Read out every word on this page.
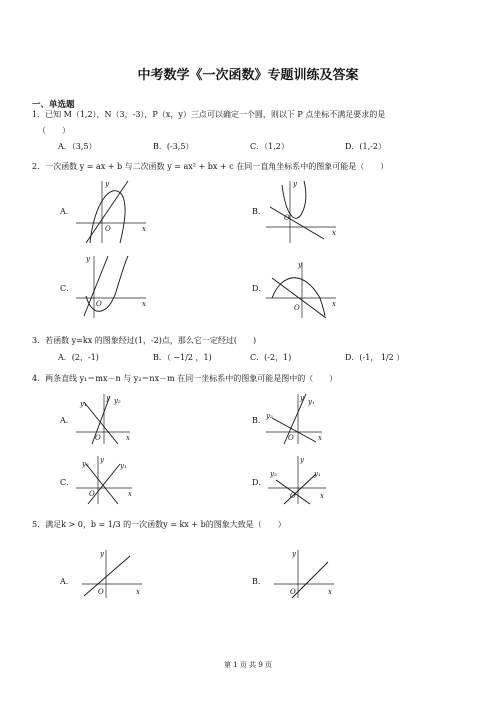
中考数学《一次函数》专题训练及答案
一、单选题
1．已知 M（1,2），N（3，-3），P（x，y）三点可以确定一个圆，则以下 P 点坐标不满足要求的是
（　　）
A．（3,5）	B．(-3,5）	C．（1,2）	D．(1,-2）
2．一次函数 y = ax + b 与二次函数 y = ax² + bx + c 在同一直角坐标系中的图象可能是（　　）
A．
y
x
O
B．
y
x
O
C．
y
x
O
D．
y
x
O
3．若函数 y=kx 的图象经过(1，-2)点，那么它一定经过(　　)
A．(2，-1)	B．（ −1/2 ，1)	C．(-2，1)	D．(-1， 1/2 ）
4．两条直线 y₁＝mx－n 与 y₂＝nx－m 在同一坐标系中的图象可能是图中的（　　）
A．
y
y₁	y₂
x
O
B．
y y₁
y₂
x
O
C．
y
y₂	y₁
x
O
D．
y
y₂	y₁
x
O
5．满足k > 0，b = 1/3 的一次函数y = kx + b的图象大致是（　　）
A．
y
x
O
B．
y
x
O
第 1 页 共 9 页
